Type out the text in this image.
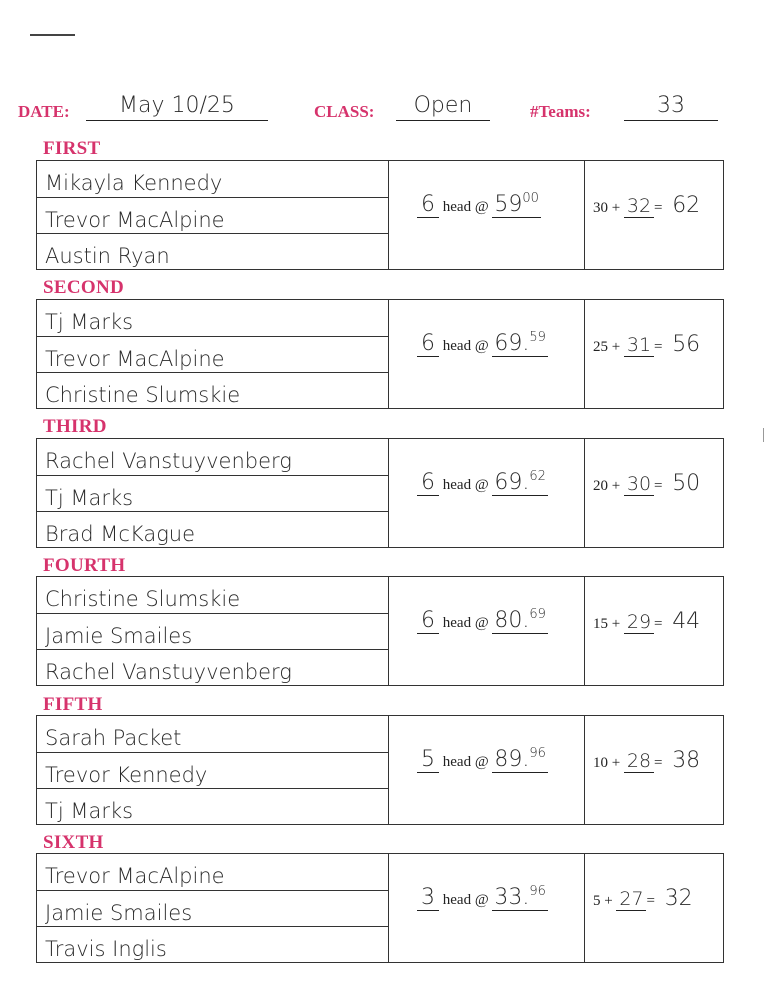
DATE:	May 10/25	CLASS:	Open	#Teams:	33
FIRST
Mikayla Kennedy
Trevor MacAlpine
Austin Ryan
6 head @ $59^{00}$
30 + 32 = 62
SECOND
Tj Marks
Trevor MacAlpine
Christine Slumskie
6 head @ 69.59
25 + 31 = 56
THIRD
Rachel Vanstuyvenberg
Tj Marks
Brad McKague
6 head @ 69.62
20 + 30 = 50
FOURTH
Christine Slumskie
Jamie Smailes
Rachel Vanstuyvenberg
6 head @ 80.69
15 + 29 = 44
FIFTH
Sarah Packet
Trevor Kennedy
Tj Marks
5 head @ 89.96
10 + 28 = 38
SIXTH
Trevor MacAlpine
Jamie Smailes
Travis Inglis
3 head @ 33.96
5 + 27 = 32
